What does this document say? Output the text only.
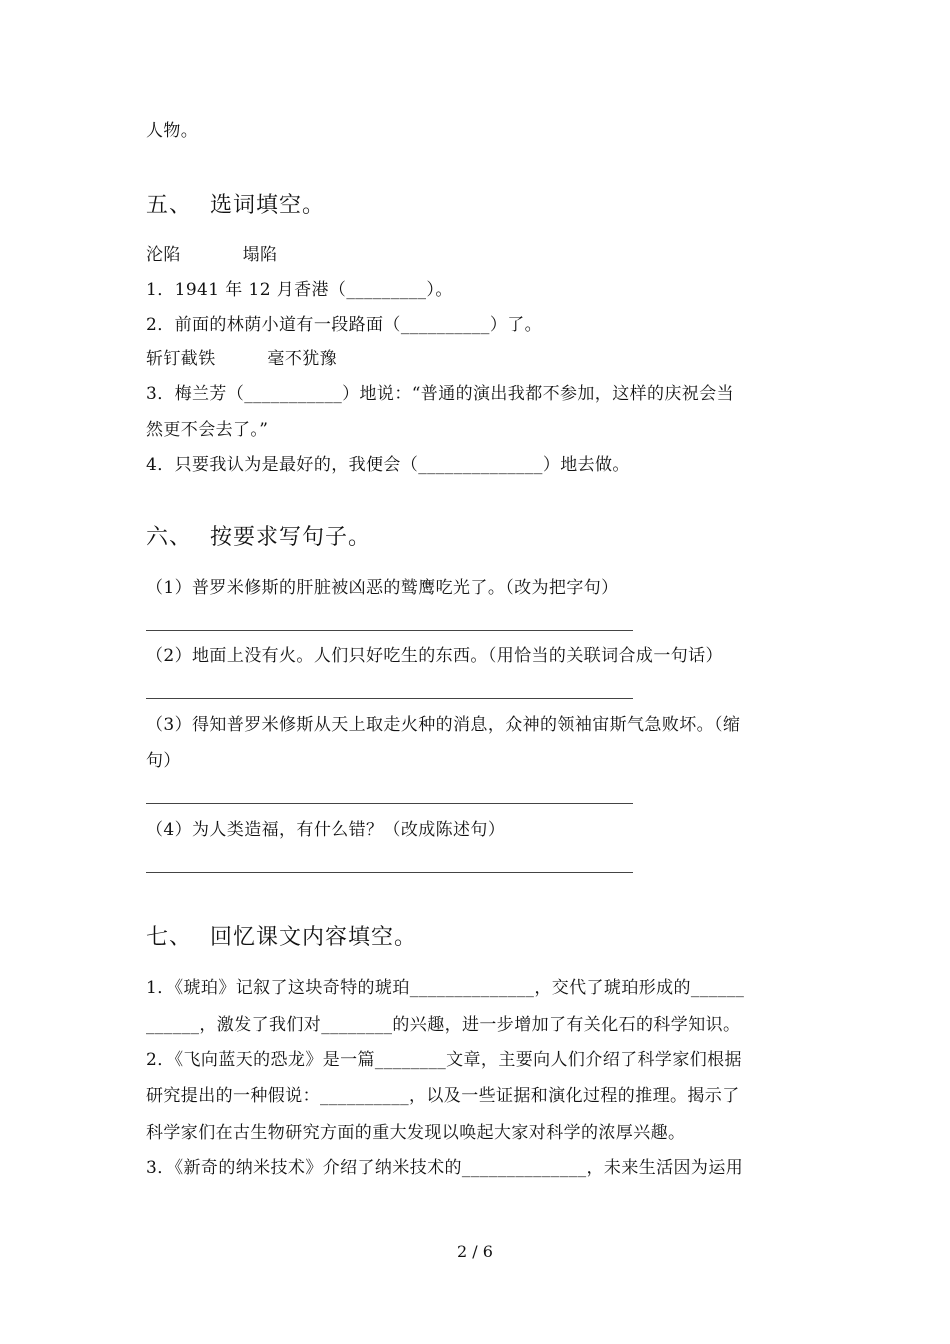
人物。
五、 选词填空。
沦陷	塌陷
1．1941 年 12 月香港（_________）。
2．前面的林荫小道有一段路面（__________）了。
斩钉截铁	毫不犹豫
3．梅兰芳（___________）地说：“普通的演出我都不参加，这样的庆祝会当
然更不会去了。”
4．只要我认为是最好的，我便会（______________）地去做。
六、 按要求写句子。
（1）普罗米修斯的肝脏被凶恶的鹫鹰吃光了。（改为把字句）
（2）地面上没有火。人们只好吃生的东西。（用恰当的关联词合成一句话）
（3）得知普罗米修斯从天上取走火种的消息，众神的领袖宙斯气急败坏。（缩
句）
（4）为人类造福，有什么错？（改成陈述句）
七、 回忆课文内容填空。
1．《琥珀》记叙了这块奇特的琥珀______________，交代了琥珀形成的______
______，激发了我们对________的兴趣，进一步增加了有关化石的科学知识。
2．《飞向蓝天的恐龙》是一篇________文章，主要向人们介绍了科学家们根据
研究提出的一种假说：__________，以及一些证据和演化过程的推理。揭示了
科学家们在古生物研究方面的重大发现以唤起大家对科学的浓厚兴趣。
3．《新奇的纳米技术》介绍了纳米技术的______________，未来生活因为运用
2 / 6
